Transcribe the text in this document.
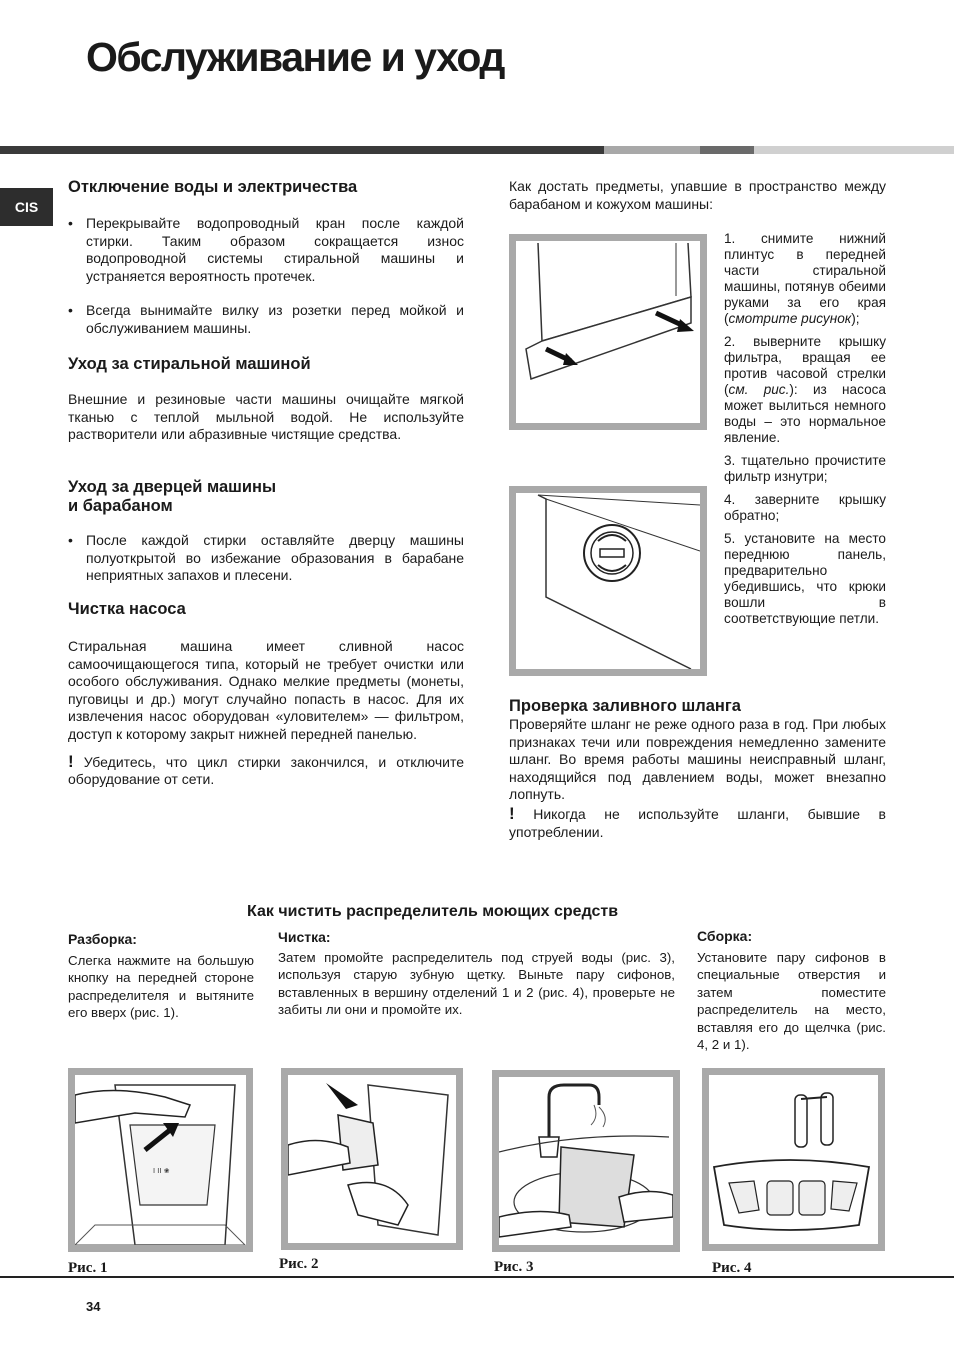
Обслуживание и уход
CIS
Отключение воды и электричества
• Перекрывайте водопроводный кран после каждой стирки. Таким образом сокращается износ водопроводной системы стиральной машины и устраняется вероятность протечек.
• Всегда вынимайте вилку из розетки перед мойкой и обслуживанием машины.
Уход за стиральной машиной

Внешние и резиновые части машины очищайте мягкой тканью с теплой мыльной водой. Не используйте растворители или абразивные чистящие средства.

Уход за дверцей машины
и барабаном
• После каждой стирки оставляйте дверцу машины полуоткрытой во избежание образования в барабане неприятных запахов и плесени.
Чистка насоса

Стиральная машина имеет сливной насос самоочищающегося типа, который не требует очистки или особого обслуживания. Однако мелкие предметы (монеты, пуговицы и др.) могут случайно попасть в насос. Для их извлечения насос оборудован «уловителем» — фильтром, доступ к которому закрыт нижней передней панелью.

! Убедитесь, что цикл стирки закончился, и отключите оборудование от сети.

Как достать предметы, упавшие в пространство между барабаном и кожухом машины:

1. снимите нижний плинтус в передней части стиральной машины, потянув обеими руками за его края (смотрите рисунок);

2. выверните крышку фильтра, вращая ее против часовой стрелки (см. рис.): из насоса может вылиться немного воды – это нормальное явление.

3. тщательно прочистите фильтр изнутри;

4. заверните крышку обратно;

5. установите на место переднюю панель, предварительно убедившись, что крюки вошли в соответствующие петли.

Проверка заливного шланга

Проверяйте шланг не реже одного раза в год. При любых признаках течи или повреждения немедленно замените шланг. Во время работы машины неисправный шланг, находящийся под давлением воды, может внезапно лопнуть.

! Никогда не используйте шланги, бывшие в употреблении.

Как чистить распределитель моющих средств
Разборка:

Слегка нажмите на большую кнопку на передней стороне распределителя и вытяните его вверх (рис. 1).

Чистка:

Затем промойте распределитель под струей воды (рис. 3), используя старую зубную щетку. Выньте пару сифонов, вставленных в вершину отделений 1 и 2 (рис. 4), проверьте не забиты ли они и промойте их.

Сборка:

Установите пару сифонов в специальные отверстия и затем поместите распределитель на место, вставляя его до щелчка (рис. 4, 2 и 1).

I II ❀
Рис. 1	Рис. 2	Рис. 3	Рис. 4
34
